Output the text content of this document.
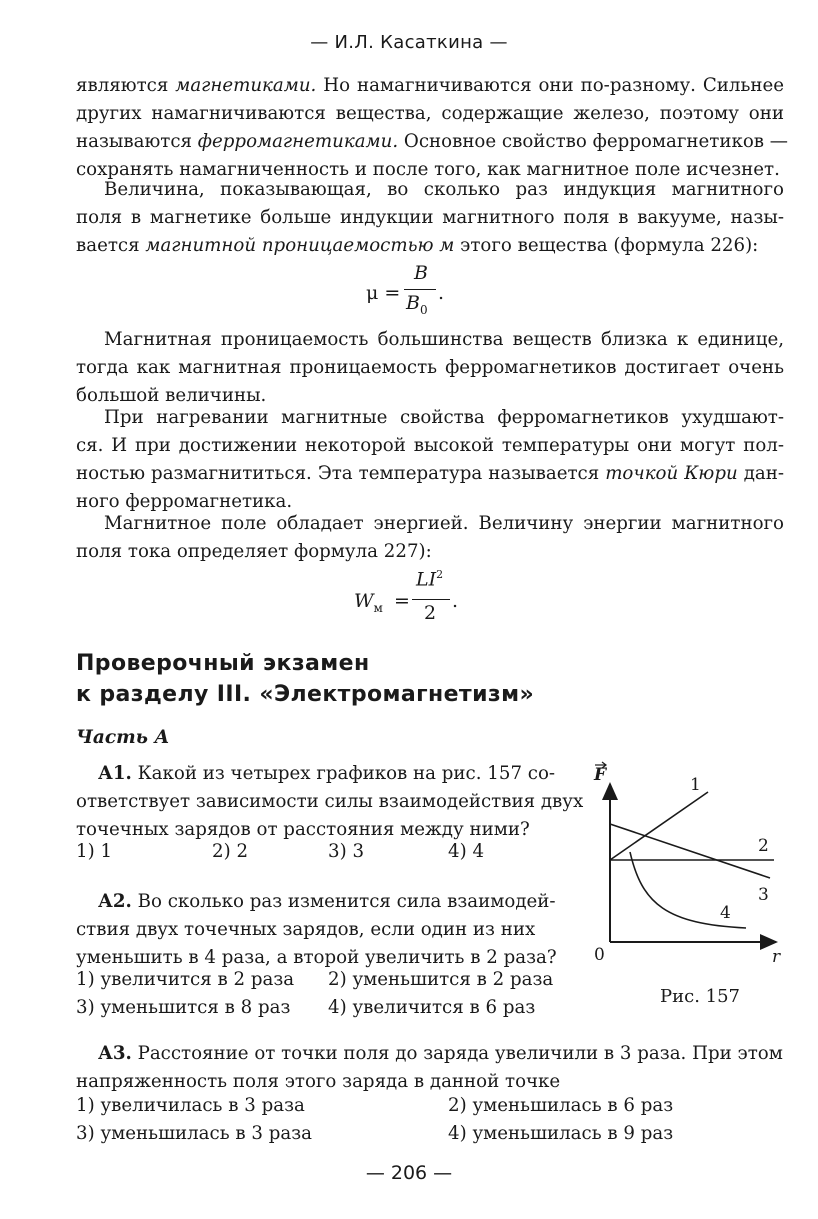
— И.Л. Касаткина —
являются магнетиками. Но намагничиваются они по-разному. Сильнее
других намагничиваются вещества, содержащие железо, поэтому они
называются ферромагнетиками. Основное свойство ферромагнетиков —
сохранять намагниченность и после того, как магнитное поле исчезнет.
Величина, показывающая, во сколько раз индукция магнитного
поля в магнетике больше индукции магнитного поля в вакууме, назы-
вается магнитной проницаемостью м этого вещества (формула 226):
μ =
B
$B_0$
.
Магнитная проницаемость большинства веществ близка к единице,
тогда как магнитная проницаемость ферромагнетиков достигает очень
большой величины.
При нагревании магнитные свойства ферромагнетиков ухудшают-
ся. И при достижении некоторой высокой температуры они могут пол-
ностью размагнититься. Эта температура называется точкой Кюри дан-
ного ферромагнетика.
Магнитное поле обладает энергией. Величину энергии магнитного
поля тока определяет формула 227):
$W_м$ =
$LI^2$
2
.
Проверочный экзамен
к разделу III. «Электромагнетизм»
Часть А
А1. Какой из четырех графиков на рис. 157 со-
ответствует зависимости силы взаимодействия двух
точечных зарядов от расстояния между ними?
1) 1	2) 2	3) 3	4) 4
А2. Во сколько раз изменится сила взаимодей-
ствия двух точечных зарядов, если один из них
уменьшить в 4 раза, а второй увеличить в 2 раза?
1) увеличится в 2 раза 2) уменьшится в 2 раза
3) уменьшится в 8 раз 4) увеличится в 6 раз
А3. Расстояние от точки поля до заряда увеличили в 3 раза. При этом
напряженность поля этого заряда в данной точке
1) увеличилась в 3 раза	2) уменьшилась в 6 раз
3) уменьшилась в 3 раза	4) уменьшилась в 9 раз
F
r
0
1
2
3
4
Рис. 157
— 206 —
